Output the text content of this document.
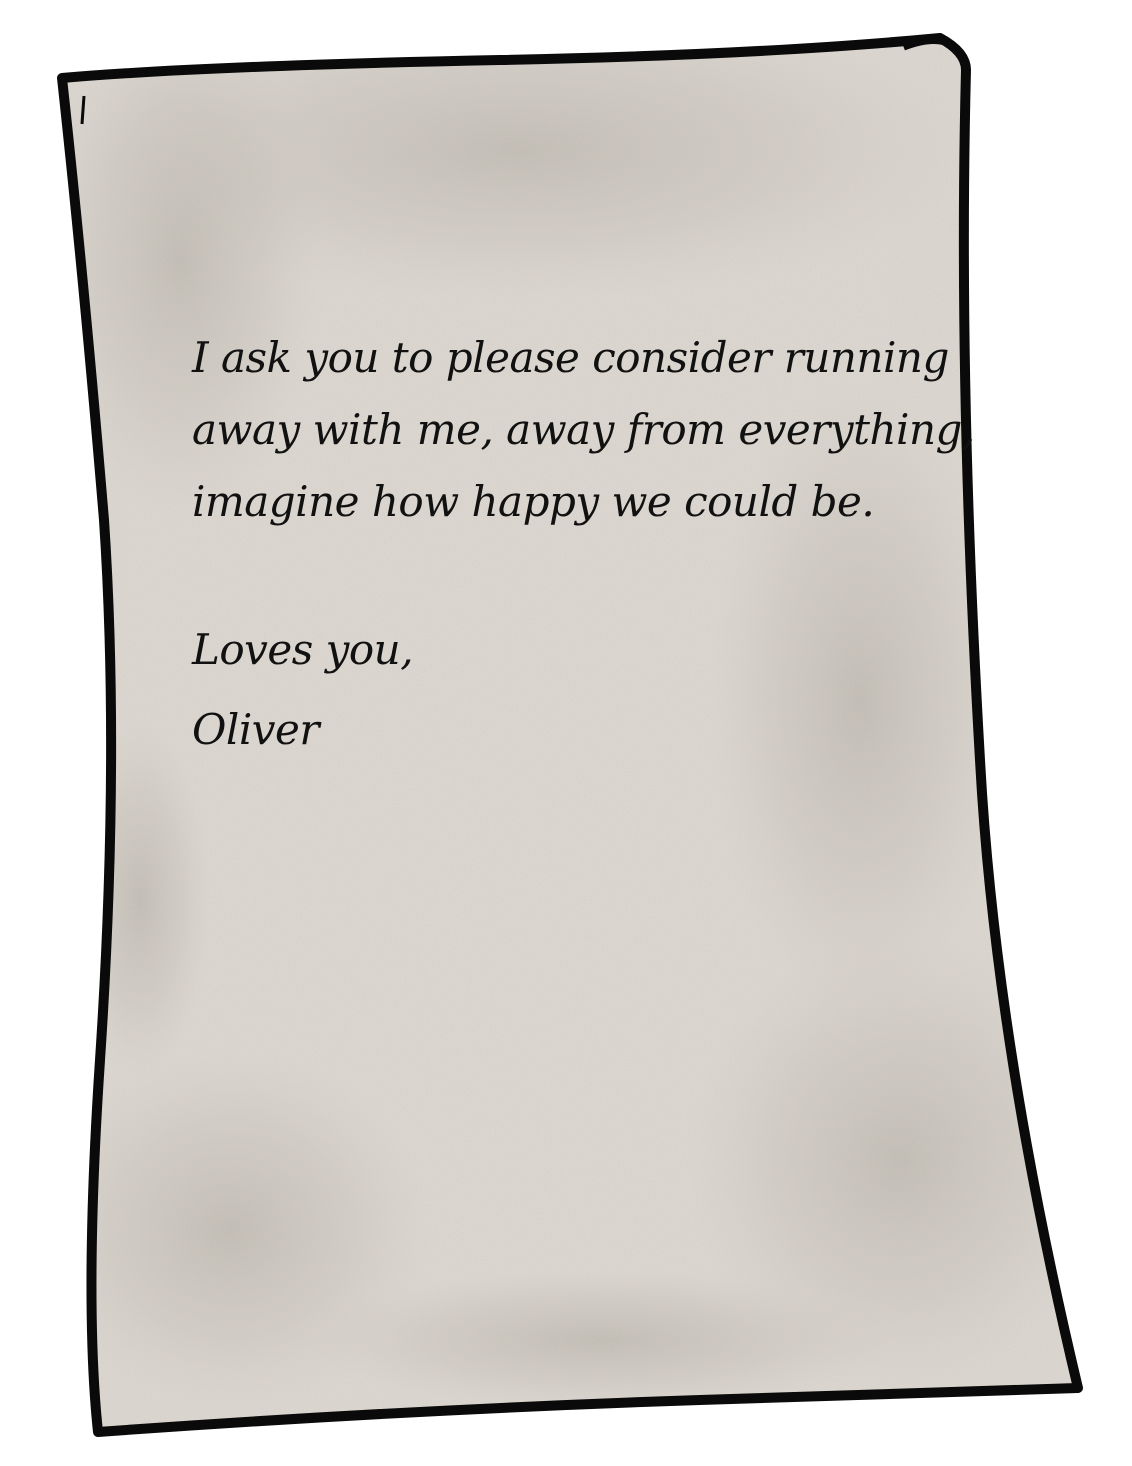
I ask you to please consider running
away with me, away from everything,
imagine how happy we could be.
Loves you,
Oliver
